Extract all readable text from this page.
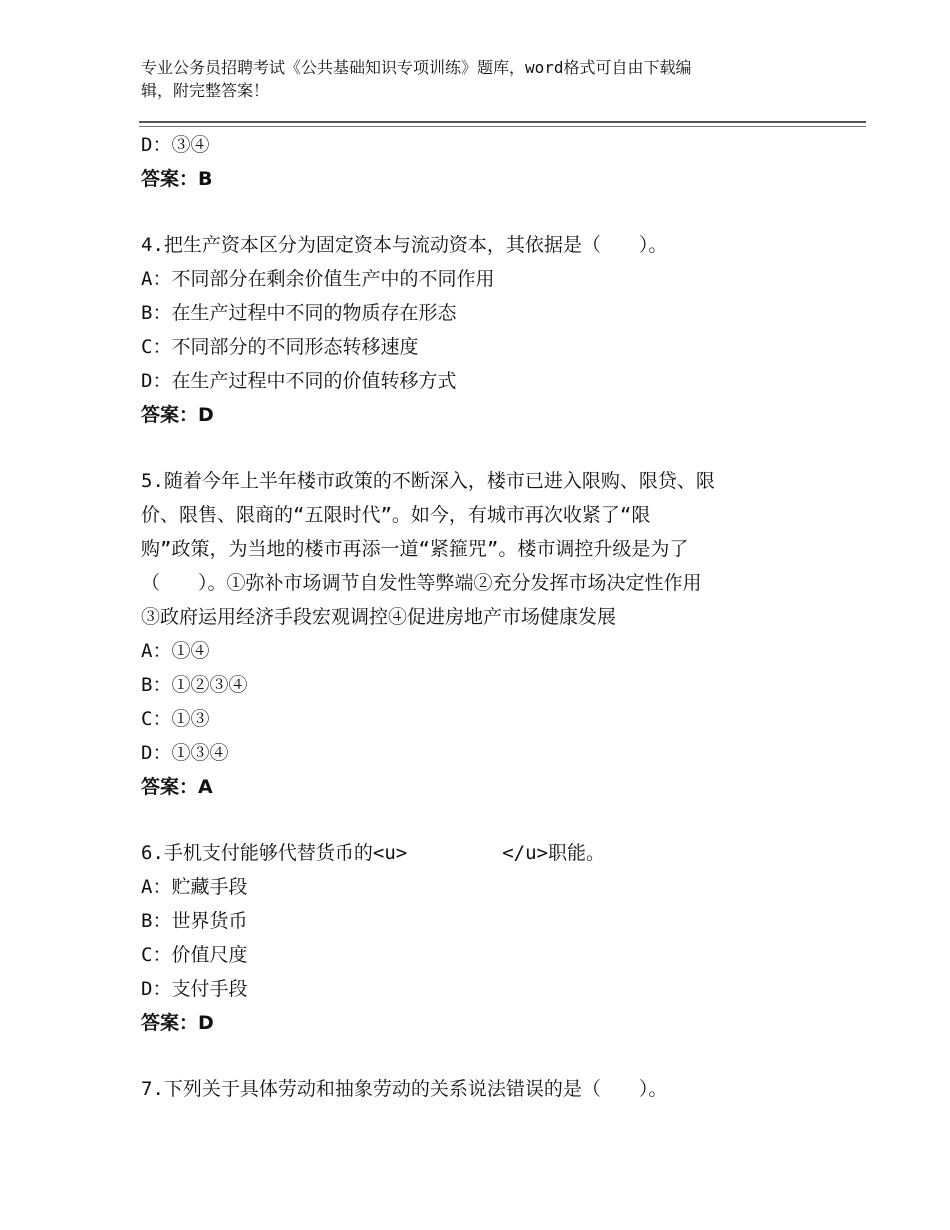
专业公务员招聘考试《公共基础知识专项训练》题库，word格式可自由下载编
辑，附完整答案！
D：③④
答案：B
4.把生产资本区分为固定资本与流动资本，其依据是（　　）。
A：不同部分在剩余价值生产中的不同作用
B：在生产过程中不同的物质存在形态
C：不同部分的不同形态转移速度
D：在生产过程中不同的价值转移方式
答案：D
5.随着今年上半年楼市政策的不断深入，楼市已进入限购、限贷、限
价、限售、限商的“五限时代”。如今，有城市再次收紧了“限
购”政策，为当地的楼市再添一道“紧箍咒”。楼市调控升级是为了
（　　）。①弥补市场调节自发性等弊端②充分发挥市场决定性作用
③政府运用经济手段宏观调控④促进房地产市场健康发展
A：①④
B：①②③④
C：①③
D：①③④
答案：A
6.手机支付能够代替货币的<u>　　　　　</u>职能。
A：贮藏手段
B：世界货币
C：价值尺度
D：支付手段
答案：D
7.下列关于具体劳动和抽象劳动的关系说法错误的是（　　）。
